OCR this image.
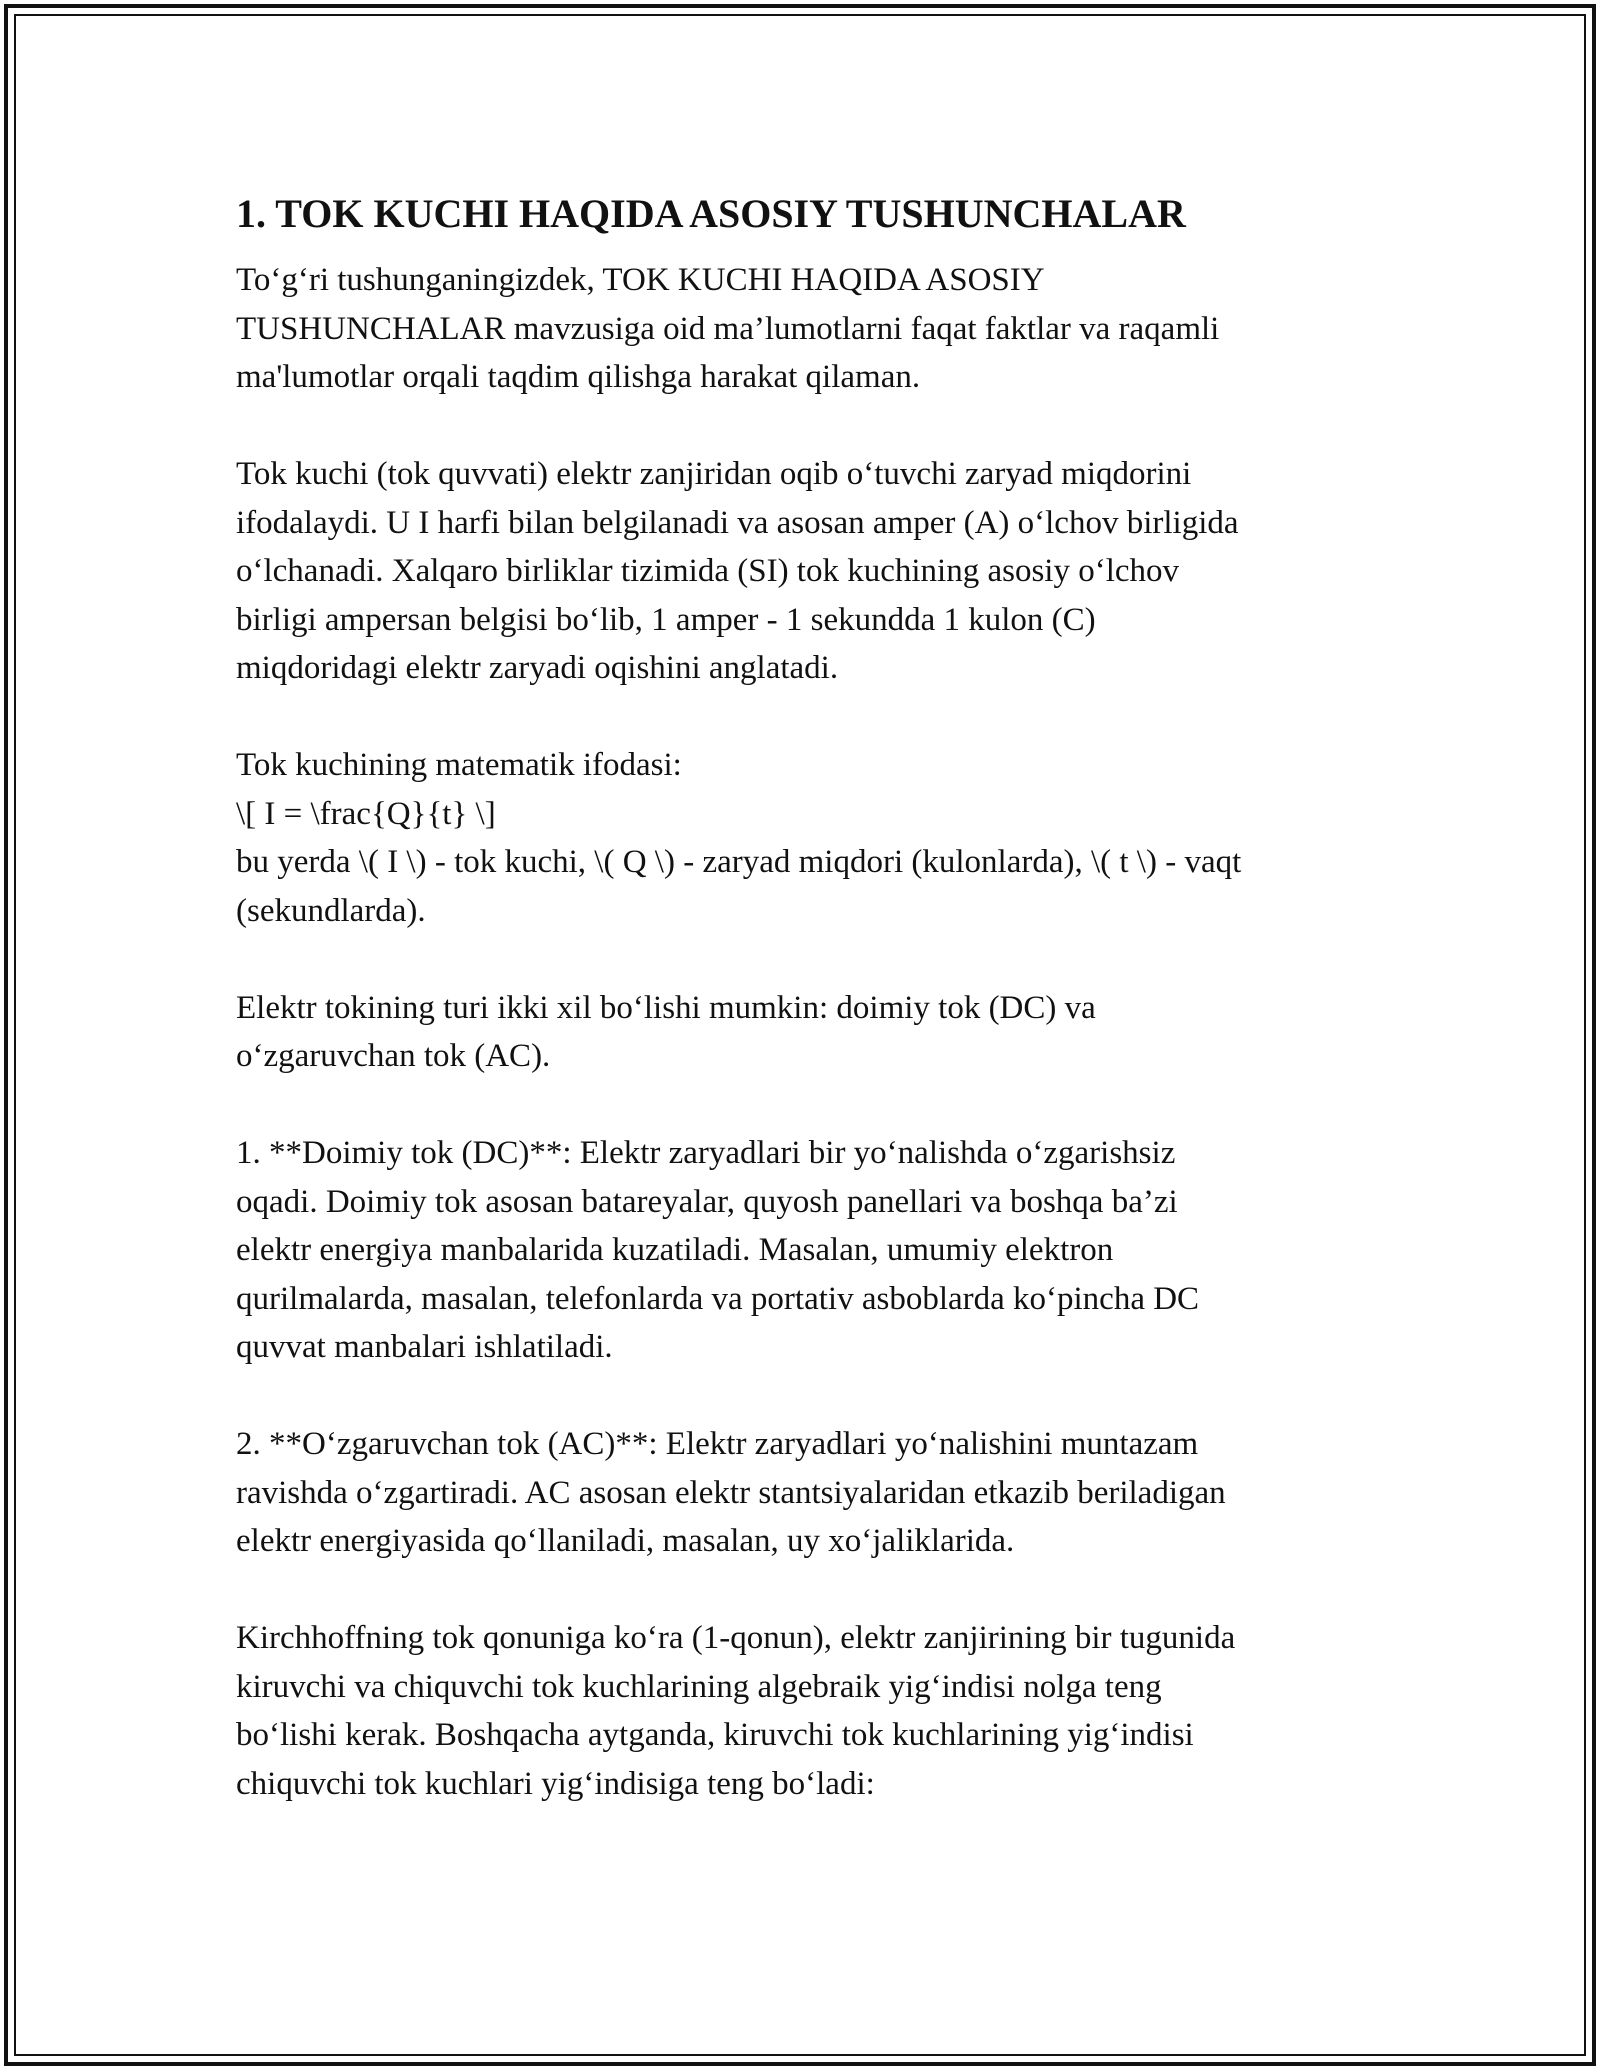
1. TOK KUCHI HAQIDA ASOSIY TUSHUNCHALAR

To‘g‘ri tushunganingizdek, TOK KUCHI HAQIDA ASOSIY
TUSHUNCHALAR mavzusiga oid ma’lumotlarni faqat faktlar va raqamli
ma'lumotlar orqali taqdim qilishga harakat qilaman.

Tok kuchi (tok quvvati) elektr zanjiridan oqib o‘tuvchi zaryad miqdorini
ifodalaydi. U I harfi bilan belgilanadi va asosan amper (A) o‘lchov birligida
o‘lchanadi. Xalqaro birliklar tizimida (SI) tok kuchining asosiy o‘lchov
birligi ampersan belgisi bo‘lib, 1 amper - 1 sekundda 1 kulon (C)
miqdoridagi elektr zaryadi oqishini anglatadi.

Tok kuchining matematik ifodasi:
\[ I = \frac{Q}{t} \]
bu yerda \( I \) - tok kuchi, \( Q \) - zaryad miqdori (kulonlarda), \( t \) - vaqt
(sekundlarda).

Elektr tokining turi ikki xil bo‘lishi mumkin: doimiy tok (DC) va
o‘zgaruvchan tok (AC).

1. **Doimiy tok (DC)**: Elektr zaryadlari bir yo‘nalishda o‘zgarishsiz
oqadi. Doimiy tok asosan batareyalar, quyosh panellari va boshqa ba’zi
elektr energiya manbalarida kuzatiladi. Masalan, umumiy elektron
qurilmalarda, masalan, telefonlarda va portativ asboblarda ko‘pincha DC
quvvat manbalari ishlatiladi.

2. **O‘zgaruvchan tok (AC)**: Elektr zaryadlari yo‘nalishini muntazam
ravishda o‘zgartiradi. AC asosan elektr stantsiyalaridan etkazib beriladigan
elektr energiyasida qo‘llaniladi, masalan, uy xo‘jaliklarida.

Kirchhoffning tok qonuniga ko‘ra (1-qonun), elektr zanjirining bir tugunida
kiruvchi va chiquvchi tok kuchlarining algebraik yig‘indisi nolga teng
bo‘lishi kerak. Boshqacha aytganda, kiruvchi tok kuchlarining yig‘indisi
chiquvchi tok kuchlari yig‘indisiga teng bo‘ladi:
